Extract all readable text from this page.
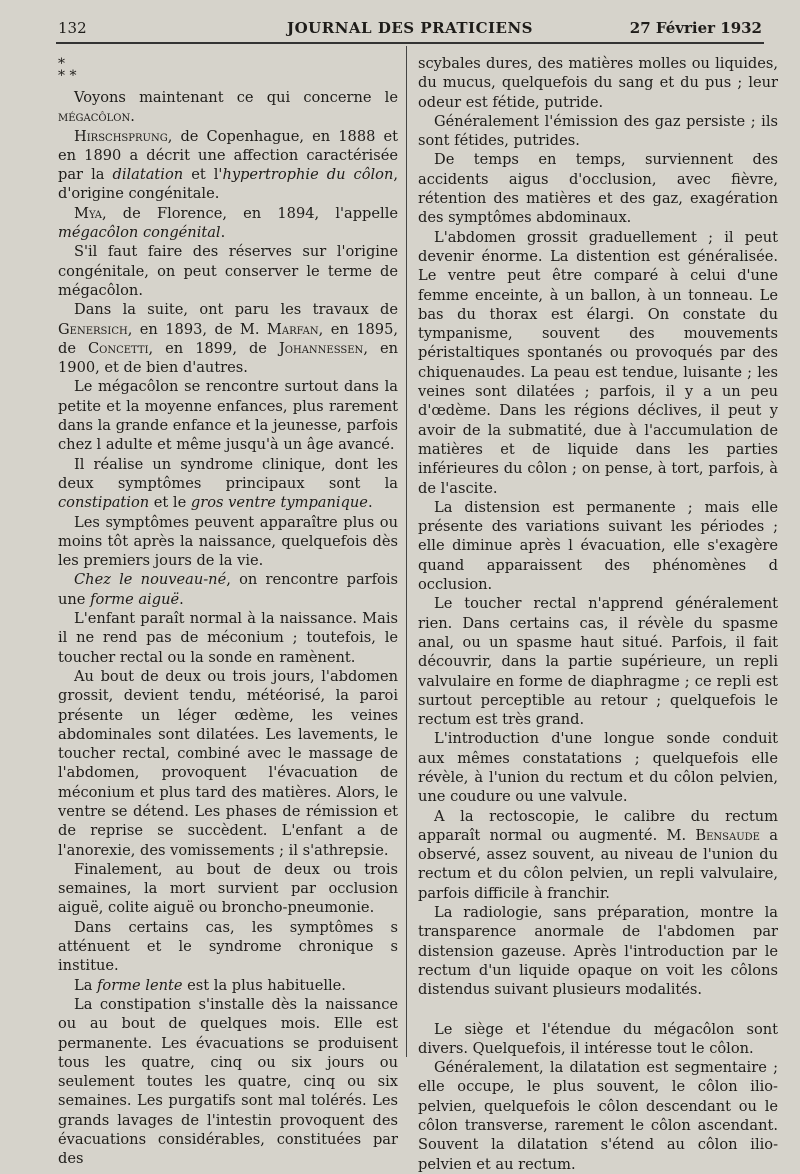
132	JOURNAL DES PRATICIENS	27 Février 1932

*
* *

Voyons maintenant ce qui concerne le mégacôlon.

Hirschsprung, de Copenhague, en 1888 et en 1890 a décrit une affection caractérisée par la dilatation et l'hypertrophie du côlon, d'origine congénitale.

Mya, de Florence, en 1894, l'appelle mégacôlon congénital.

S'il faut faire des réserves sur l'origine congénitale, on peut conserver le terme de mégacôlon.

Dans la suite, ont paru les travaux de Genersich, en 1893, de M. Marfan, en 1895, de Concetti, en 1899, de Johannessen, en 1900, et de bien d'autres.

Le mégacôlon se rencontre surtout dans la petite et la moyenne enfances, plus rarement dans la grande enfance et la jeunesse, parfois chez l adulte et même jusqu'à un âge avancé.

Il réalise un syndrome clinique, dont les deux symptômes principaux sont la constipation et le gros ventre tympanique.

Les symptômes peuvent apparaître plus ou moins tôt après la naissance, quelquefois dès les premiers jours de la vie.

Chez le nouveau-né, on rencontre parfois une forme aiguë.

L'enfant paraît normal à la naissance. Mais il ne rend pas de méconium ; toutefois, le toucher rectal ou la sonde en ramènent.

Au bout de deux ou trois jours, l'abdomen grossit, devient tendu, météorisé, la paroi présente un léger œdème, les veines abdominales sont dilatées. Les lavements, le toucher rectal, combiné avec le massage de l'abdomen, provoquent l'évacuation de méconium et plus tard des matières. Alors, le ventre se détend. Les phases de rémission et de reprise se succèdent. L'enfant a de l'anorexie, des vomissements ; il s'athrepsie.

Finalement, au bout de deux ou trois semaines, la mort survient par occlusion aiguë, colite aiguë ou broncho-pneumonie.

Dans certains cas, les symptômes s atténuent et le syndrome chronique s institue.

La forme lente est la plus habituelle.

La constipation s'installe dès la naissance ou au bout de quelques mois. Elle est permanente. Les évacuations se produisent tous les quatre, cinq ou six jours ou seulement toutes les quatre, cinq ou six semaines. Les purgatifs sont mal tolérés. Les grands lavages de l'intestin provoquent des évacuations considérables, constituées par des

scybales dures, des matières molles ou liquides, du mucus, quelquefois du sang et du pus ; leur odeur est fétide, putride.

Généralement l'émission des gaz persiste ; ils sont fétides, putrides.

De temps en temps, surviennent des accidents aigus d'occlusion, avec fièvre, rétention des matières et des gaz, exagération des symptômes abdominaux.

L'abdomen grossit graduellement ; il peut devenir énorme. La distention est généralisée. Le ventre peut être comparé à celui d'une femme enceinte, à un ballon, à un tonneau. Le bas du thorax est élargi. On constate du tympanisme, souvent des mouvements péristaltiques spontanés ou provoqués par des chiquenaudes. La peau est tendue, luisante ; les veines sont dilatées ; parfois, il y a un peu d'œdème. Dans les régions déclives, il peut y avoir de la submatité, due à l'accumulation de matières et de liquide dans les parties inférieures du côlon ; on pense, à tort, parfois, à de l'ascite.

La distension est permanente ; mais elle présente des variations suivant les périodes ; elle diminue après l évacuation, elle s'exagère quand apparaissent des phénomènes d occlusion.

Le toucher rectal n'apprend généralement rien. Dans certains cas, il révèle du spasme anal, ou un spasme haut situé. Parfois, il fait découvrir, dans la partie supérieure, un repli valvulaire en forme de diaphragme ; ce repli est surtout perceptible au retour ; quelquefois le rectum est très grand.

L'introduction d'une longue sonde conduit aux mêmes constatations ; quelquefois elle révèle, à l'union du rectum et du côlon pelvien, une coudure ou une valvule.

A la rectoscopie, le calibre du rectum apparaît normal ou augmenté. M. Bensaude a observé, assez souvent, au niveau de l'union du rectum et du côlon pelvien, un repli valvulaire, parfois difficile à franchir.

La radiologie, sans préparation, montre la transparence anormale de l'abdomen par distension gazeuse. Après l'introduction par le rectum d'un liquide opaque on voit les côlons distendus suivant plusieurs modalités.

Le siège et l'étendue du mégacôlon sont divers. Quelquefois, il intéresse tout le côlon.

Généralement, la dilatation est segmentaire ; elle occupe, le plus souvent, le côlon ilio-pelvien, quelquefois le côlon descendant ou le côlon transverse, rarement le côlon ascendant. Souvent la dilatation s'étend au côlon ilio-pelvien et au rectum.
